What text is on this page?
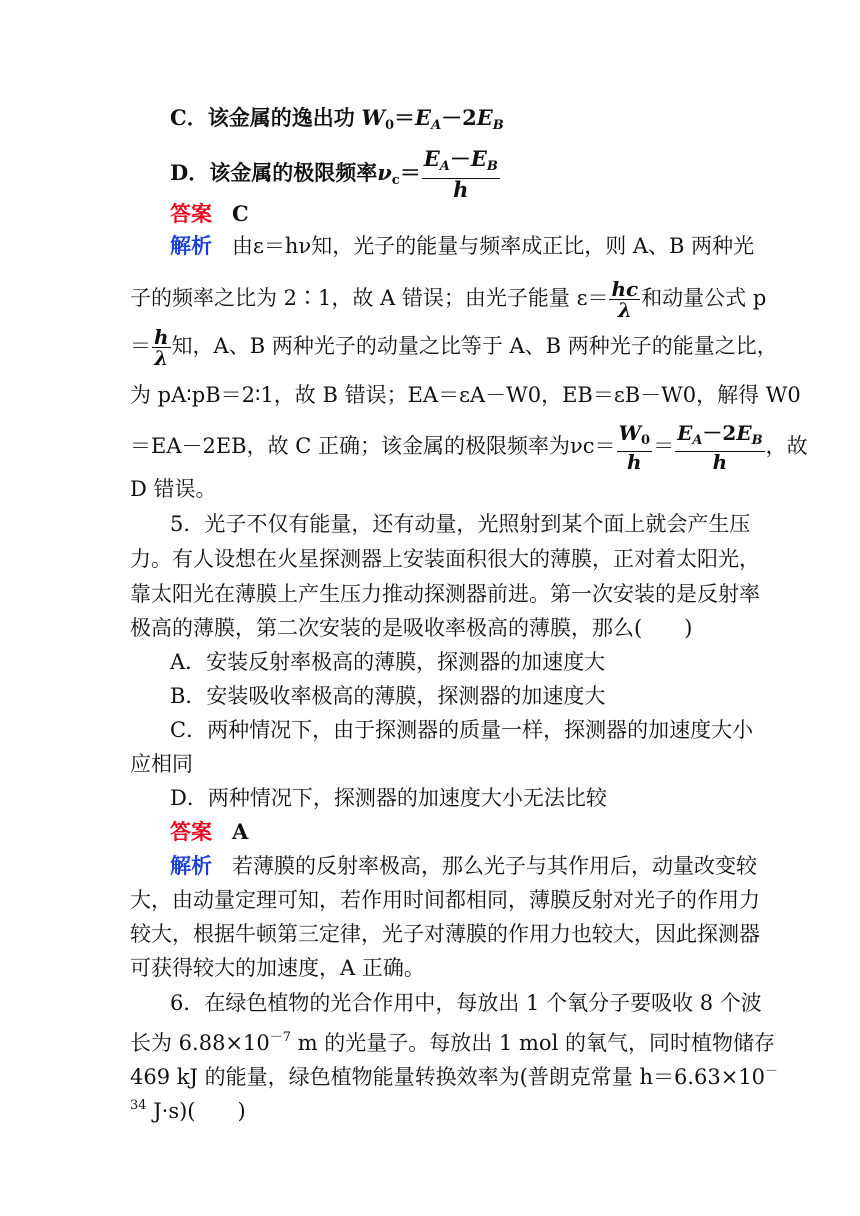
C．该金属的逸出功 $W_0=E_A-2E_B$
D．该金属的极限频率$\nu_c= \frac{E_A-E_B}{h}$
答案 C
解析 由ε＝hν知，光子的能量与频率成正比，则 A、B 两种光
子的频率之比为 2∶1，故 A 错误；由光子能量 $\varepsilon= \frac{hc}{\lambda}$ 和动量公式 p
＝ $\frac{h}{\lambda}$ 知，A、B 两种光子的动量之比等于 A、B 两种光子的能量之比，
为 pA∶pB＝2∶1，故 B 错误；EA＝εA－W0，EB＝εB－W0，解得 W0
＝EA－2EB，故 C 正确；该金属的极限频率为$\nu c= \frac{W_0}{h} = \frac{E_A-2E_B}{h}$ ，故
D 错误。
5．光子不仅有能量，还有动量，光照射到某个面上就会产生压
力。有人设想在火星探测器上安装面积很大的薄膜，正对着太阳光，
靠太阳光在薄膜上产生压力推动探测器前进。第一次安装的是反射率
极高的薄膜，第二次安装的是吸收率极高的薄膜，那么(　　)
A．安装反射率极高的薄膜，探测器的加速度大
B．安装吸收率极高的薄膜，探测器的加速度大
C．两种情况下，由于探测器的质量一样，探测器的加速度大小
应相同
D．两种情况下，探测器的加速度大小无法比较
答案 A
解析 若薄膜的反射率极高，那么光子与其作用后，动量改变较
大，由动量定理可知，若作用时间都相同，薄膜反射对光子的作用力
较大，根据牛顿第三定律，光子对薄膜的作用力也较大，因此探测器
可获得较大的加速度，A 正确。
6．在绿色植物的光合作用中，每放出 1 个氧分子要吸收 8 个波
长为 $6.88\times 10^{-7}$ m 的光量子。每放出 1 mol 的氧气，同时植物储存
469 kJ 的能量，绿色植物能量转换效率为(普朗克常量 h＝6.63×10－
$^{34}$ J·s)(　　)
